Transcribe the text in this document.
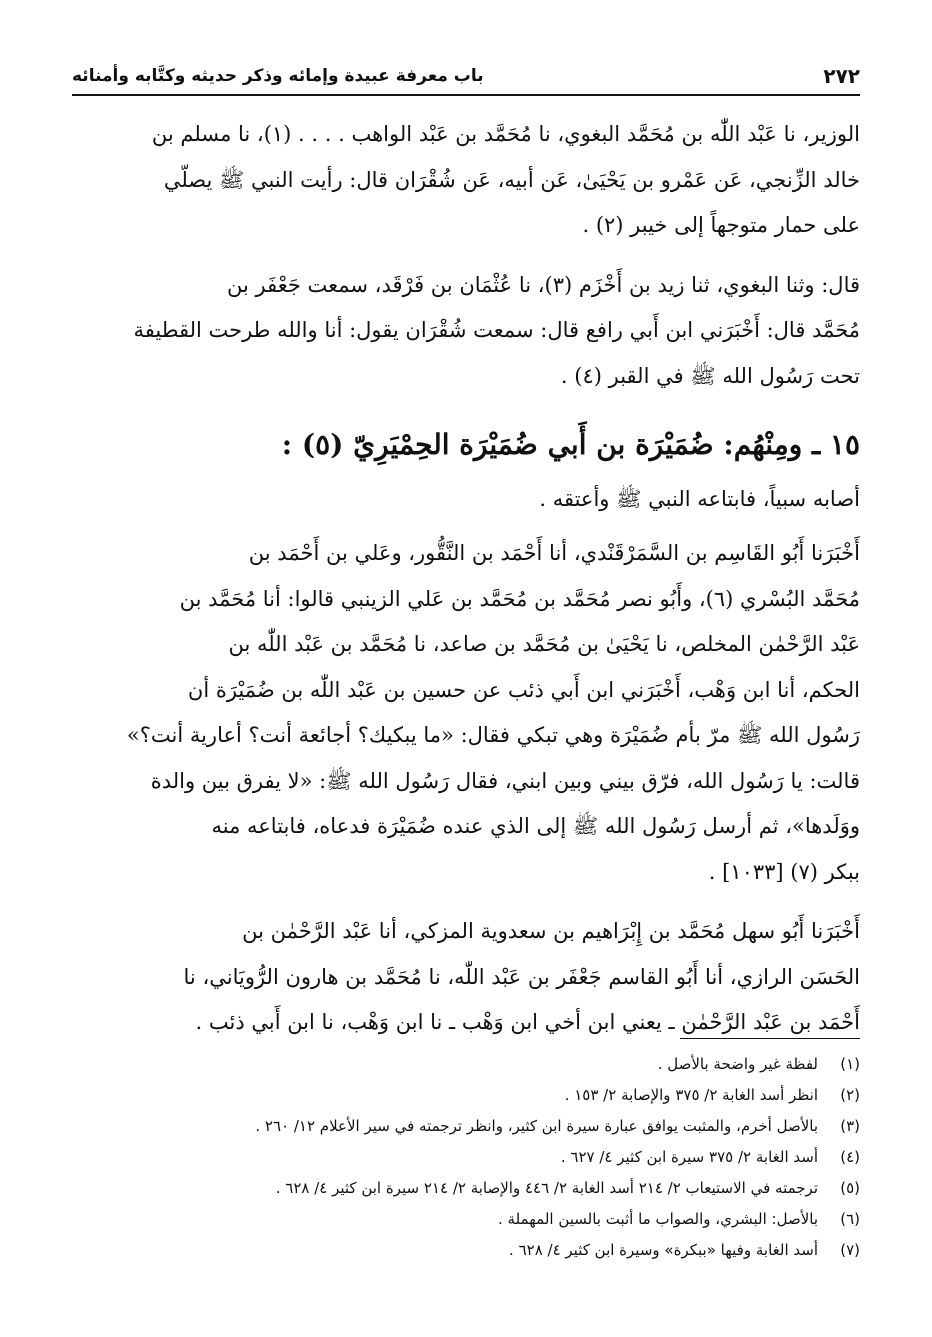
٢٧٢
باب معرفة عبيدة وإمائه وذكر حديثه وكتَّابه وأمنائه

الوزير، نا عَبْد اللّٰه بن مُحَمَّد البغوي، نا مُحَمَّد بن عَبْد الواهب . . . . (١)، نا مسلم بن
خالد الزِّنجي، عَن عَمْرو بن يَحْيَىٰ، عَن أبيه، عَن شُقْرَان قال: رأيت النبي ﷺ يصلّي
على حمار متوجهاً إلى خيبر (٢) .

قال: وثنا البغوي، ثنا زيد بن أَخْزَم (٣)، نا عُثْمَان بن فَرْقَد، سمعت جَعْفَر بن
مُحَمَّد قال: أَخْبَرَني ابن أَبي رافع قال: سمعت شُقْرَان يقول: أنا والله طرحت القطيفة
تحت رَسُول الله ﷺ في القبر (٤) .

١٥ ـ ومِنْهُم: ضُمَيْرَة بن أَبي ضُمَيْرَة الحِمْيَرِيّ (٥) :

أصابه سبياً، فابتاعه النبي ﷺ وأعتقه .

أَخْبَرَنا أَبُو القَاسِم بن السَّمَرْقَنْدي، أنا أَحْمَد بن النَّقُّور، وعَلي بن أَحْمَد بن
مُحَمَّد البُسْري (٦)، وأَبُو نصر مُحَمَّد بن مُحَمَّد بن عَلي الزينبي قالوا: أنا مُحَمَّد بن
عَبْد الرَّحْمٰن المخلص، نا يَحْيَىٰ بن مُحَمَّد بن صاعد، نا مُحَمَّد بن عَبْد اللّٰه بن
الحكم، أنا ابن وَهْب، أَخْبَرَني ابن أَبي ذئب عن حسين بن عَبْد اللّٰه بن ضُمَيْرَة أن
رَسُول الله ﷺ مرّ بأم ضُمَيْرَة وهي تبكي فقال: «ما يبكيك؟ أجائعة أنت؟ أعارية أنت؟»
قالت: يا رَسُول الله، فرّق بيني وبين ابني، فقال رَسُول الله ﷺ: «لا يفرق بين والدة
ووَلَدها»، ثم أرسل رَسُول الله ﷺ إلى الذي عنده ضُمَيْرَة فدعاه، فابتاعه منه
ببكر (٧) [١٠٣٣] .

أَخْبَرَنا أَبُو سهل مُحَمَّد بن إِبْرَاهيم بن سعدوية المزكي، أنا عَبْد الرَّحْمٰن بن
الحَسَن الرازي، أنا أَبُو القاسم جَعْفَر بن عَبْد اللّٰه، نا مُحَمَّد بن هارون الرُّويَاني، نا
أَحْمَد بن عَبْد الرَّحْمٰن ـ يعني ابن أخي ابن وَهْب ـ نا ابن وَهْب، نا ابن أَبي ذئب .

(١)
لفظة غير واضحة بالأصل .
(٢)
انظر أسد الغابة ٢/ ٣٧٥ والإصابة ٢/ ١٥٣ .
(٣)
بالأصل أخرم، والمثبت يوافق عبارة سيرة ابن كثير، وانظر ترجمته في سير الأعلام ١٢/ ٢٦٠ .
(٤)
أسد الغابة ٢/ ٣٧٥ سيرة ابن كثير ٤/ ٦٢٧ .
(٥)
ترجمته في الاستيعاب ٢/ ٢١٤ أسد الغابة ٢/ ٤٤٦ والإصابة ٢/ ٢١٤ سيرة ابن كثير ٤/ ٦٢٨ .
(٦)
بالأصل: البشري، والصواب ما أثبت بالسين المهملة .
(٧)
أسد الغابة وفيها «ببكرة» وسيرة ابن كثير ٤/ ٦٢٨ .
